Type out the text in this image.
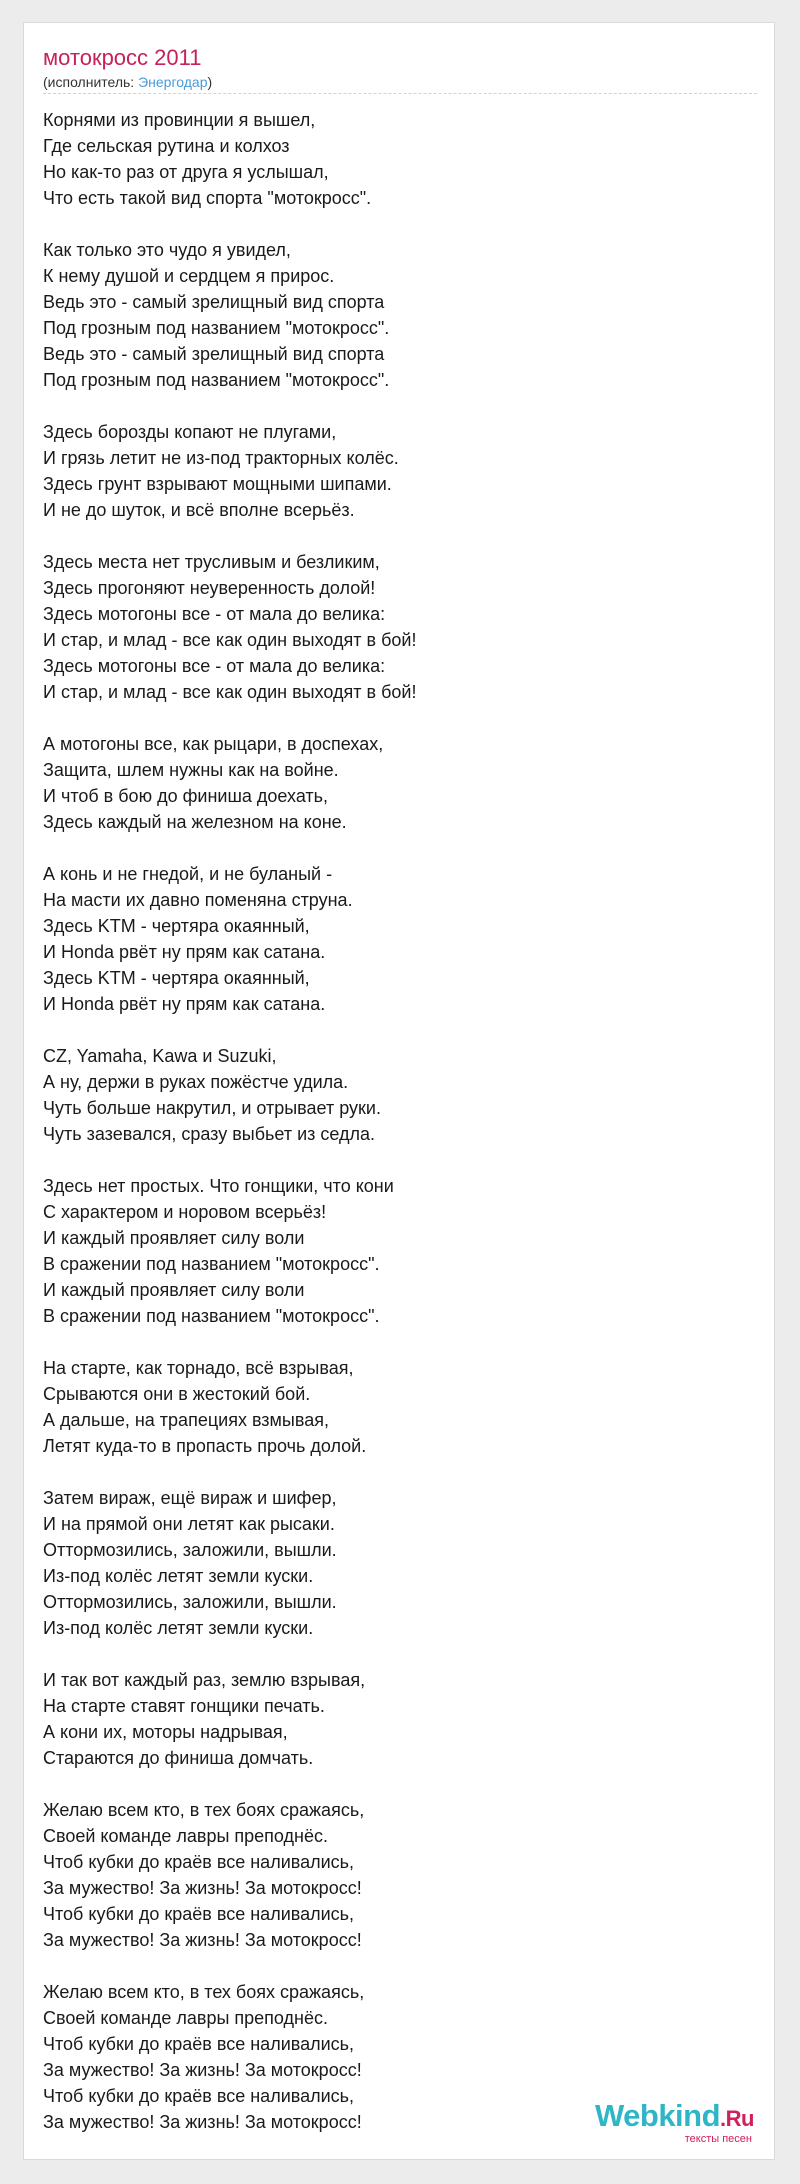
мотокросс 2011
(исполнитель: Энергодар)
Корнями из провинции я вышел,
Где сельская рутина и колхоз
Но как-то раз от друга я услышал,
Что есть такой вид спорта "мотокросс".
Как только это чудо я увидел,
К нему душой и сердцем я прирос.
Ведь это - самый зрелищный вид спорта
Под грозным под названием "мотокросс".
Ведь это - самый зрелищный вид спорта
Под грозным под названием "мотокросс".
Здесь борозды копают не плугами,
И грязь летит не из-под тракторных колёс.
Здесь грунт взрывают мощными шипами.
И не до шуток, и всё вполне всерьёз.
Здесь места нет трусливым и безликим,
Здесь прогоняют неуверенность долой!
Здесь мотогоны все - от мала до велика:
И стар, и млад - все как один выходят в бой!
Здесь мотогоны все - от мала до велика:
И стар, и млад - все как один выходят в бой!
А мотогоны все, как рыцари, в доспехах,
Защита, шлем нужны как на войне.
И чтоб в бою до финиша доехать,
Здесь каждый на железном на коне.
А конь и не гнедой, и не буланый -
На масти их давно поменяна струна.
Здесь KTM - чертяра окаянный,
И Honda рвёт ну прям как сатана.
Здесь KTM - чертяра окаянный,
И Honda рвёт ну прям как сатана.
CZ, Yamaha, Kawa и Suzuki,
А ну, держи в руках пожёстче удила.
Чуть больше накрутил, и отрывает руки.
Чуть зазевался, сразу выбьет из седла.
Здесь нет простых. Что гонщики, что кони
С характером и норовом всерьёз!
И каждый проявляет силу воли
В сражении под названием "мотокросс".
И каждый проявляет силу воли
В сражении под названием "мотокросс".
На старте, как торнадо, всё взрывая,
Срываются они в жестокий бой.
А дальше, на трапециях взмывая,
Летят куда-то в пропасть прочь долой.
Затем вираж, ещё вираж и шифер,
И на прямой они летят как рысаки.
Оттормозились, заложили, вышли.
Из-под колёс летят земли куски.
Оттормозились, заложили, вышли.
Из-под колёс летят земли куски.
И так вот каждый раз, землю взрывая,
На старте ставят гонщики печать.
А кони их, моторы надрывая,
Стараются до финиша домчать.
Желаю всем кто, в тех боях сражаясь,
Своей команде лавры преподнёс.
Чтоб кубки до краёв все наливались,
За мужество! За жизнь! За мотокросс!
Чтоб кубки до краёв все наливались,
За мужество! За жизнь! За мотокросс!
Желаю всем кто, в тех боях сражаясь,
Своей команде лавры преподнёс.
Чтоб кубки до краёв все наливались,
За мужество! За жизнь! За мотокросс!
Чтоб кубки до краёв все наливались,
За мужество! За жизнь! За мотокросс!	Webkind.Ru
тексты песен
